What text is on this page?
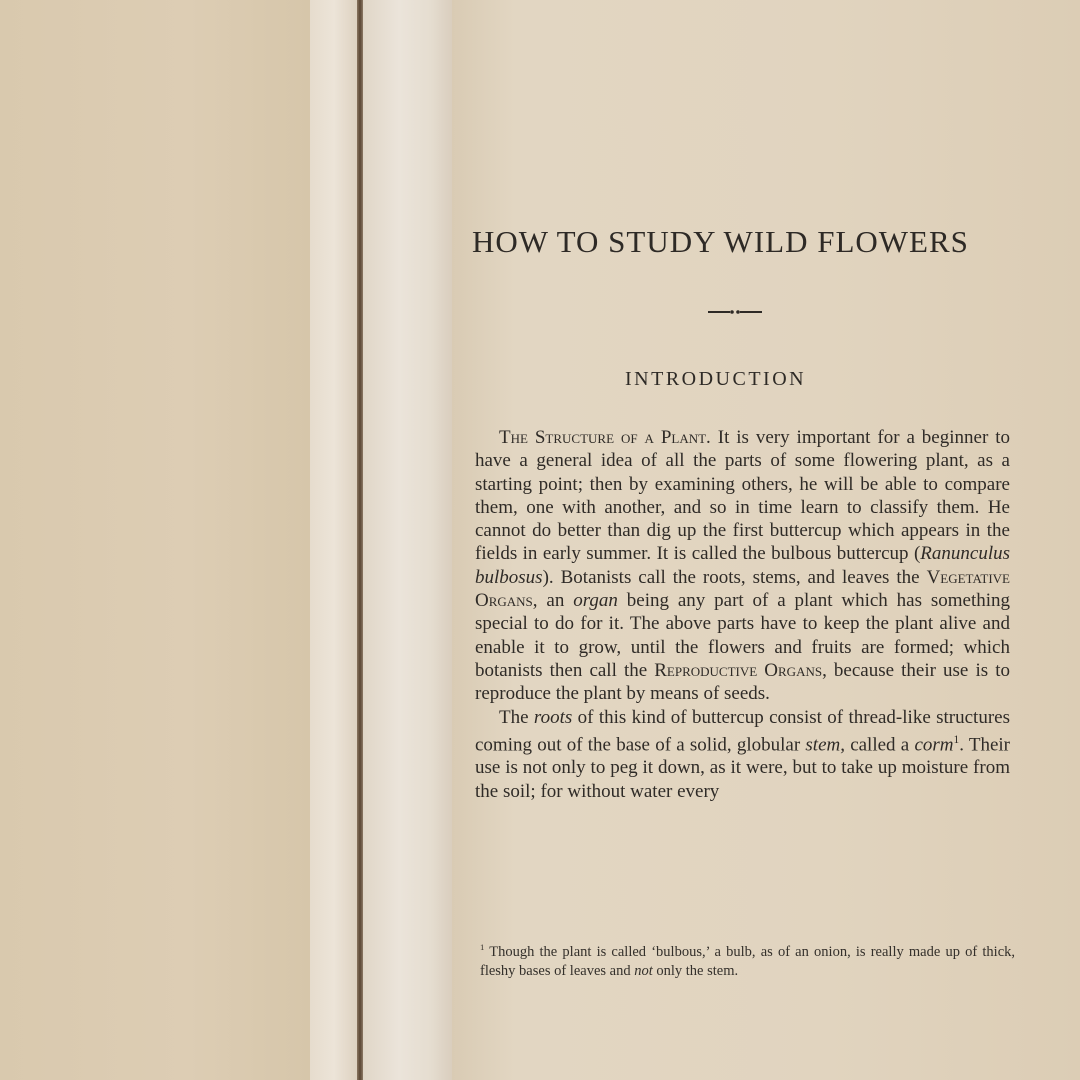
HOW TO STUDY WILD FLOWERS
INTRODUCTION

The Structure of a Plant. It is very important for a beginner to have a general idea of all the parts of some flowering plant, as a starting point; then by examining others, he will be able to compare them, one with another, and so in time learn to classify them. He cannot do better than dig up the first buttercup which appears in the fields in early summer. It is called the bulbous buttercup (Ranunculus bulbosus). Botanists call the roots, stems, and leaves the Vegetative Organs, an organ being any part of a plant which has something special to do for it. The above parts have to keep the plant alive and enable it to grow, until the flowers and fruits are formed; which botanists then call the Reproductive Organs, because their use is to reproduce the plant by means of seeds.

The roots of this kind of buttercup consist of thread-like structures coming out of the base of a solid, globular stem, called a corm$^1$. Their use is not only to peg it down, as it were, but to take up moisture from the soil; for without water every

$^1$ Though the plant is called ‘bulbous,’ a bulb, as of an onion, is really made up of thick, fleshy bases of leaves and not only the stem.
